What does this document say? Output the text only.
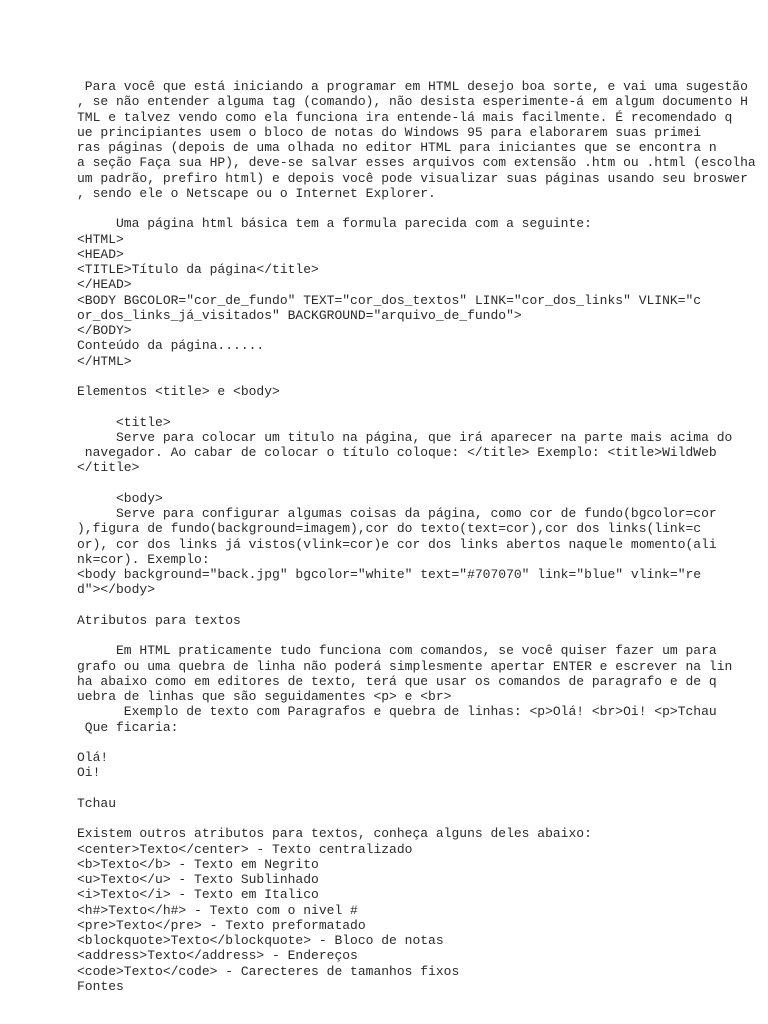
Para você que está iniciando a programar em HTML desejo boa sorte, e vai uma sugestão
, se não entender alguma tag (comando), não desista esperimente-á em algum documento H
TML e talvez vendo como ela funciona ira entende-lá mais facilmente. É recomendado q
ue principiantes usem o bloco de notas do Windows 95 para elaborarem suas primei
ras páginas (depois de uma olhada no editor HTML para iniciantes que se encontra n
a seção Faça sua HP), deve-se salvar esses arquivos com extensão .htm ou .html (escolha
um padrão, prefiro html) e depois você pode visualizar suas páginas usando seu broswer
, sendo ele o Netscape ou o Internet Explorer.
Uma página html básica tem a formula parecida com a seguinte:
<HTML>
<HEAD>
<TITLE>Título da página</title>
</HEAD>
<BODY BGCOLOR="cor_de_fundo" TEXT="cor_dos_textos" LINK="cor_dos_links" VLINK="c
or_dos_links_já_visitados" BACKGROUND="arquivo_de_fundo">
</BODY>
Conteúdo da página......
</HTML>
Elementos <title> e <body>
<title>
Serve para colocar um titulo na página, que irá aparecer na parte mais acima do
navegador. Ao cabar de colocar o título coloque: </title> Exemplo: <title>WildWeb
</title>
<body>
Serve para configurar algumas coisas da página, como cor de fundo(bgcolor=cor
),figura de fundo(background=imagem),cor do texto(text=cor),cor dos links(link=c
or), cor dos links já vistos(vlink=cor)e cor dos links abertos naquele momento(ali
nk=cor). Exemplo:
<body background="back.jpg" bgcolor="white" text="#707070" link="blue" vlink="re
d"></body>
Atributos para textos
Em HTML praticamente tudo funciona com comandos, se você quiser fazer um para
grafo ou uma quebra de linha não poderá simplesmente apertar ENTER e escrever na lin
ha abaixo como em editores de texto, terá que usar os comandos de paragrafo e de q
uebra de linhas que são seguidamentes <p> e <br>
Exemplo de texto com Paragrafos e quebra de linhas: <p>Olá! <br>Oi! <p>Tchau
Que ficaria:
Olá!
Oi!
Tchau
Existem outros atributos para textos, conheça alguns deles abaixo:
<center>Texto</center> - Texto centralizado
<b>Texto</b> - Texto em Negrito
<u>Texto</u> - Texto Sublinhado
<i>Texto</i> - Texto em Italico
<h#>Texto</h#> - Texto com o nivel #
<pre>Texto</pre> - Texto preformatado
<blockquote>Texto</blockquote> - Bloco de notas
<address>Texto</address> - Endereços
<code>Texto</code> - Carecteres de tamanhos fixos
Fontes
